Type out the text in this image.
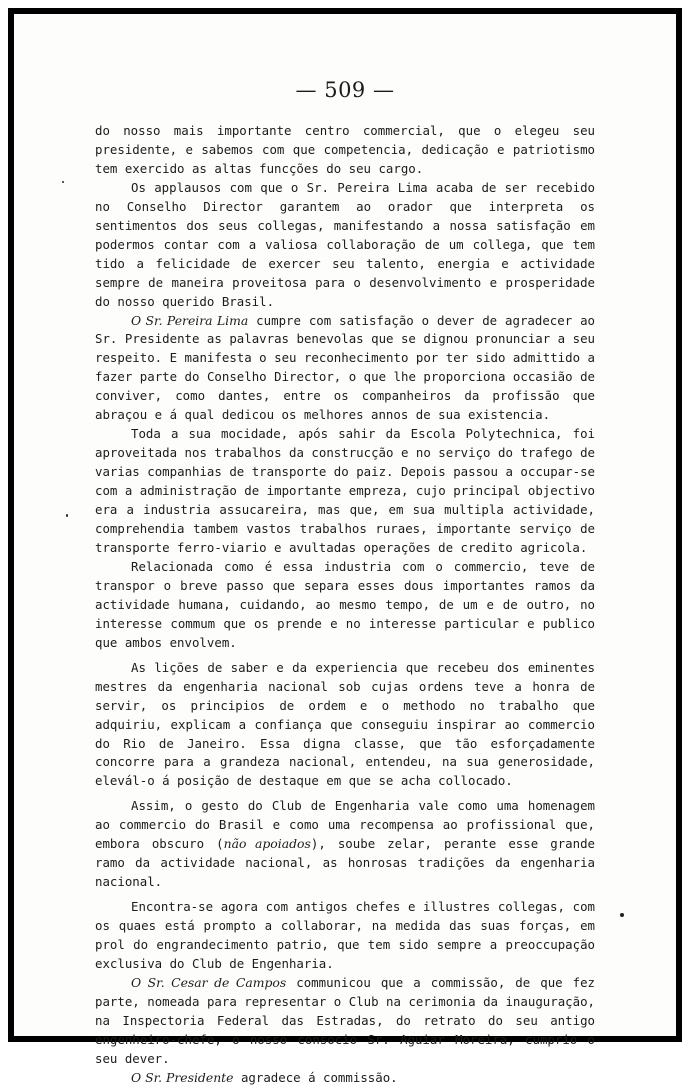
— 509 —

do nosso mais importante centro commercial, que o elegeu seu presidente, e sabemos com que competencia, dedicação e patriotismo tem exercido as altas funcções do seu cargo.

Os applausos com que o Sr. Pereira Lima acaba de ser recebido no Conselho Director garantem ao orador que interpreta os sentimentos dos seus collegas, manifestando a nossa satisfação em podermos contar com a valiosa collaboração de um collega, que tem tido a felicidade de exercer seu talento, energia e actividade sempre de maneira proveitosa para o desenvolvimento e prosperidade do nosso querido Brasil.

O Sr. Pereira Lima cumpre com satisfação o dever de agradecer ao Sr. Presidente as palavras benevolas que se dignou pronunciar a seu respeito. E manifesta o seu reconhecimento por ter sido admittido a fazer parte do Conselho Director, o que lhe proporciona occasião de conviver, como dantes, entre os companheiros da profissão que abraçou e á qual dedicou os melhores annos de sua existencia.

Toda a sua mocidade, após sahir da Escola Polytechnica, foi aproveitada nos trabalhos da construcção e no serviço do trafego de varias companhias de transporte do paiz. Depois passou a occupar-se com a administração de importante empreza, cujo principal objectivo era a industria assucareira, mas que, em sua multipla actividade, comprehendia tambem vastos trabalhos ruraes, importante serviço de transporte ferro-viario e avultadas operações de credito agricola.

Relacionada como é essa industria com o commercio, teve de transpor o breve passo que separa esses dous importantes ramos da actividade humana, cuidando, ao mesmo tempo, de um e de outro, no interesse commum que os prende e no interesse particular e publico que ambos envolvem.

As lições de saber e da experiencia que recebeu dos eminentes mestres da engenharia nacional sob cujas ordens teve a honra de servir, os principios de ordem e o methodo no trabalho que adquiriu, explicam a confiança que conseguiu inspirar ao commercio do Rio de Janeiro. Essa digna classe, que tão esforçadamente concorre para a grandeza nacional, entendeu, na sua generosidade, elevál-o á posição de destaque em que se acha collocado.

Assim, o gesto do Club de Engenharia vale como uma homenagem ao commercio do Brasil e como uma recompensa ao profissional que, embora obscuro (não apoiados), soube zelar, perante esse grande ramo da actividade nacional, as honrosas tradições da engenharia nacional.

Encontra-se agora com antigos chefes e illustres collegas, com os quaes está prompto a collaborar, na medida das suas forças, em prol do engrandecimento patrio, que tem sido sempre a preoccupação exclusiva do Club de Engenharia.

O Sr. Cesar de Campos communicou que a commissão, de que fez parte, nomeada para representar o Club na cerimonia da inauguração, na Inspectoria Federal das Estradas, do retrato do seu antigo engenheiro-chefe, o nosso consocio Sr. Aguiar Moreira, cumprio o seu dever.

O Sr. Presidente agradece á commissão.
